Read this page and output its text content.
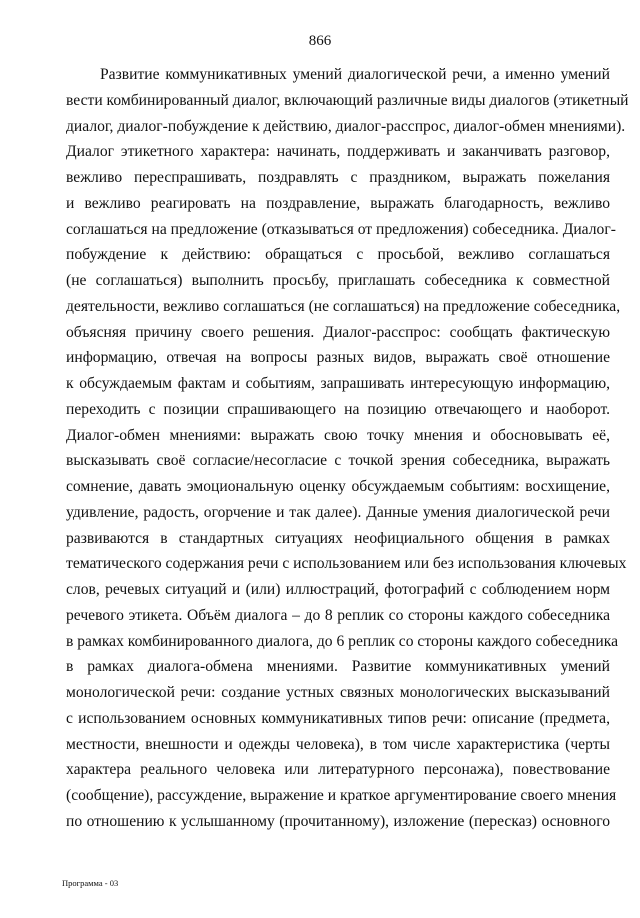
866

Развитие коммуникативных умений диалогической речи, а именно умений
вести комбинированный диалог, включающий различные виды диалогов (этикетный
диалог, диалог-побуждение к действию, диалог-расспрос, диалог-обмен мнениями).
Диалог этикетного характера: начинать, поддерживать и заканчивать разговор,
вежливо переспрашивать, поздравлять с праздником, выражать пожелания
и вежливо реагировать на поздравление, выражать благодарность, вежливо
соглашаться на предложение (отказываться от предложения) собеседника. Диалог-
побуждение к действию: обращаться с просьбой, вежливо соглашаться
(не соглашаться) выполнить просьбу, приглашать собеседника к совместной
деятельности, вежливо соглашаться (не соглашаться) на предложение собеседника,
объясняя причину своего решения. Диалог-расспрос: сообщать фактическую
информацию, отвечая на вопросы разных видов, выражать своё отношение
к обсуждаемым фактам и событиям, запрашивать интересующую информацию,
переходить с позиции спрашивающего на позицию отвечающего и наоборот.
Диалог-обмен мнениями: выражать свою точку мнения и обосновывать её,
высказывать своё согласие/несогласие с точкой зрения собеседника, выражать
сомнение, давать эмоциональную оценку обсуждаемым событиям: восхищение,
удивление, радость, огорчение и так далее). Данные умения диалогической речи
развиваются в стандартных ситуациях неофициального общения в рамках
тематического содержания речи с использованием или без использования ключевых
слов, речевых ситуаций и (или) иллюстраций, фотографий с соблюдением норм
речевого этикета. Объём диалога – до 8 реплик со стороны каждого собеседника
в рамках комбинированного диалога, до 6 реплик со стороны каждого собеседника
в рамках диалога-обмена мнениями. Развитие коммуникативных умений
монологической речи: создание устных связных монологических высказываний
с использованием основных коммуникативных типов речи: описание (предмета,
местности, внешности и одежды человека), в том числе характеристика (черты
характера реального человека или литературного персонажа), повествование
(сообщение), рассуждение, выражение и краткое аргументирование своего мнения
по отношению к услышанному (прочитанному), изложение (пересказ) основного

Программа - 03
